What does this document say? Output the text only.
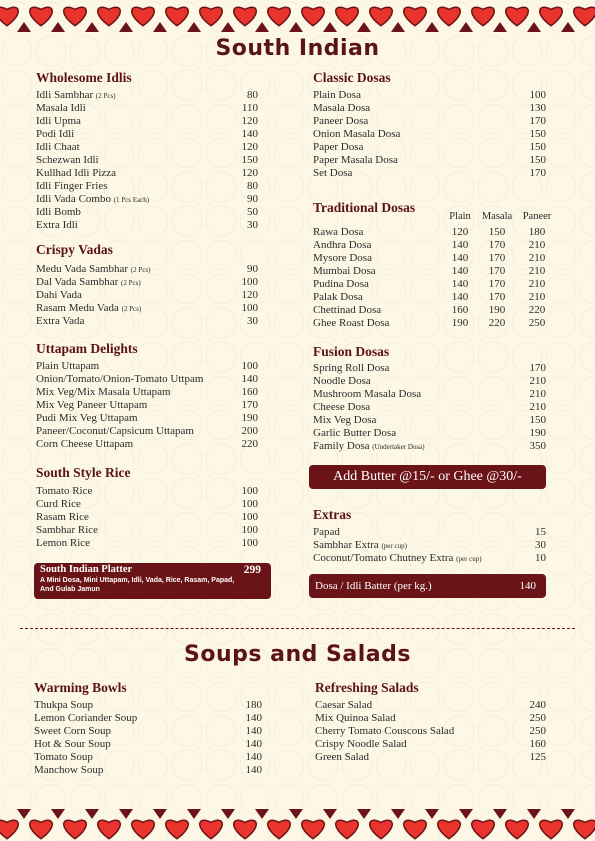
South Indian
Wholesome Idlis
Idli Sambhar (2 Pcs)	80
Masala Idli	110
Idli Upma	120
Podi Idli	140
Idli Chaat	120
Schezwan Idli	150
Kullhad Idli Pizza	120
Idli Finger Fries	80
Idli Vada Combo (1 Pcs Each)	90
Idli Bomb	50
Extra Idli	30
Crispy Vadas
Medu Vada Sambhar (2 Pcs)	90
Dal Vada Sambhar (2 Pcs)	100
Dahi Vada	120
Rasam Medu Vada (2 Pcs)	100
Extra Vada	30
Uttapam Delights
Plain Uttapam	100
Onion/Tomato/Onion-Tomato Uttpam	140
Mix Veg/Mix Masala Uttapam	160
Mix Veg Paneer Uttapam	170
Pudi Mix Veg Uttapam	190
Paneer/Coconut/Capsicum Uttapam	200
Corn Cheese Uttapam	220
South Style Rice
Tomato Rice	100
Curd Rice	100
Rasam Rice	100
Sambhar Rice	100
Lemon Rice	100
South Indian Platter	299
A Mini Dosa, Mini Uttapam, Idli, Vada, Rice, Rasam, Papad, And Gulab Jamun
Classic Dosas
Plain Dosa	100
Masala Dosa	130
Paneer Dosa	170
Onion Masala Dosa	150
Paper Dosa	150
Paper Masala Dosa	150
Set Dosa	170
Traditional Dosas
Plain	Masala	Paneer
Rawa Dosa	120	150	180
Andhra Dosa	140	170	210
Mysore Dosa	140	170	210
Mumbai Dosa	140	170	210
Pudina Dosa	140	170	210
Palak Dosa	140	170	210
Chettinad Dosa	160	190	220
Ghee Roast Dosa	190	220	250
Fusion Dosas
Spring Roll Dosa	170
Noodle Dosa	210
Mushroom Masala Dosa	210
Cheese Dosa	210
Mix Veg Dosa	150
Garlic Butter Dosa	190
Family Dosa (Undertaker Dosa)	350
Add Butter @15/- or Ghee @30/-
Extras
Papad	15
Sambhar Extra (per cup)	30
Coconut/Tomato Chutney Extra (per cup)	10
Dosa / Idli Batter (per kg.)	140
Soups and Salads
Warming Bowls
Thukpa Soup	180
Lemon Coriander Soup	140
Sweet Corn Soup	140
Hot & Sour Soup	140
Tomato Soup	140
Manchow Soup	140
Refreshing Salads
Caesar Salad	240
Mix Quinoa Salad	250
Cherry Tomato Couscous Salad	250
Crispy Noodle Salad	160
Green Salad	125
